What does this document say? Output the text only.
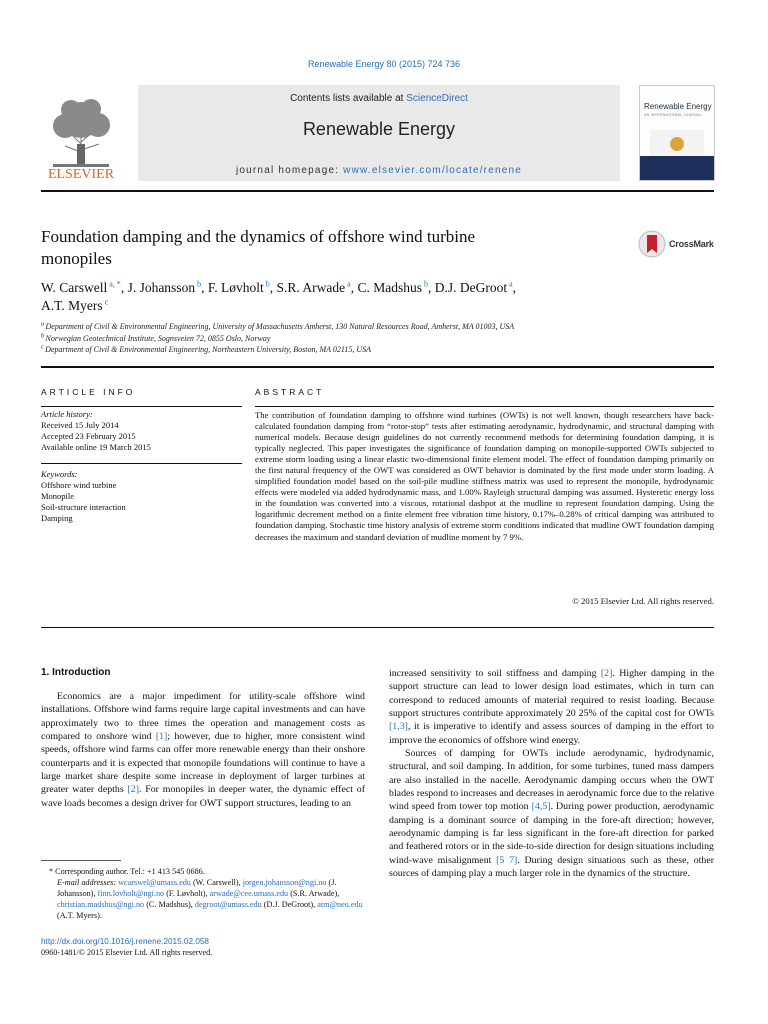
Renewable Energy 80 (2015) 724 736
ELSEVIER
Contents lists available at ScienceDirect
Renewable Energy
journal homepage: www.elsevier.com/locate/renene
Renewable Energy
AN INTERNATIONAL JOURNAL
Foundation damping and the dynamics of offshore wind turbine
monopiles
CrossMark
W. Carswell $^{a, *}$, J. Johansson $^b$, F. Løvholt $^b$, S.R. Arwade $^a$, C. Madshus $^b$, D.J. DeGroot $^a$,
A.T. Myers $^c$
$^a$ Department of Civil & Environmental Engineering, University of Massachusetts Amherst, 130 Natural Resources Road, Amherst, MA 01003, USA
$^b$ Norwegian Geotechnical Institute, Sognsveien 72, 0855 Oslo, Norway
$^c$ Department of Civil & Environmental Engineering, Northeastern University, Boston, MA 02115, USA
ARTICLE INFO	ABSTRACT
Article history:
Received 15 July 2014
Accepted 23 February 2015
Available online 19 March 2015
Keywords:
Offshore wind turbine
Monopile
Soil-structure interaction
Damping
The contribution of foundation damping to offshore wind turbines (OWTs) is not well known, though researchers have back-calculated foundation damping from “rotor-stop” tests after estimating aerodynamic, hydrodynamic, and structural damping with numerical models. Because design guidelines do not currently recommend methods for determining foundation damping, it is typically neglected. This paper investigates the significance of foundation damping on monopile-supported OWTs subjected to extreme storm loading using a linear elastic two-dimensional finite element model. The effect of foundation damping primarily on the first natural frequency of the OWT was considered as OWT behavior is dominated by the first mode under storm loading. A simplified foundation model based on the soil-pile mudline stiffness matrix was used to represent the monopile, hydrodynamic effects were modeled via added hydrodynamic mass, and 1.00% Rayleigh structural damping was assumed. Hysteretic energy loss in the foundation was converted into a viscous, rotational dashpot at the mudline to represent foundation damping. Using the logarithmic decrement method on a finite element free vibration time history, 0.17%–0.28% of critical damping was attributed to foundation damping. Stochastic time history analysis of extreme storm conditions indicated that mudline OWT foundation damping decreases the maximum and standard deviation of mudline moment by 7 9%.
© 2015 Elsevier Ltd. All rights reserved.
1. Introduction

Economics are a major impediment for utility-scale offshore wind installations. Offshore wind farms require large capital investments and can have approximately two to three times the operation and management costs as compared to onshore wind [1]; however, due to higher, more consistent wind speeds, offshore wind farms can offer more renewable energy than their onshore counterparts and it is expected that monopile foundations will continue to have a large market share despite some increase in deployment of larger turbines at greater water depths [2]. For monopiles in deeper water, the dynamic effect of wave loads becomes a design driver for OWT support structures, leading to an

increased sensitivity to soil stiffness and damping [2]. Higher damping in the support structure can lead to lower design load estimates, which in turn can correspond to reduced amounts of material required to resist loading. Because support structures contribute approximately 20 25% of the capital cost for OWTs [1,3], it is imperative to identify and assess sources of damping in the effort to improve the economics of offshore wind energy.

Sources of damping for OWTs include aerodynamic, hydrodynamic, structural, and soil damping. In addition, for some turbines, tuned mass dampers are also installed in the nacelle. Aerodynamic damping occurs when the OWT blades respond to increases and decreases in aerodynamic force due to the relative wind speed from tower top motion [4,5]. During power production, aerodynamic damping is a dominant source of damping in the fore-aft direction; however, aerodynamic damping is far less significant in the fore-aft direction for parked and feathered rotors or in the side-to-side direction for design situations including wind-wave misalignment [5 7]. During design situations such as these, other sources of damping play a much larger role in the dynamics of the structure.

* Corresponding author. Tel.: +1 413 545 0686.
E-mail addresses: wcarswel@umass.edu (W. Carswell), jorgen.johansson@ngi.no (J. Johansson), finn.lovholt@ngi.no (F. Løvholt), arwade@cee.umass.edu (S.R. Arwade), christian.madshus@ngi.no (C. Madshus), degroot@umass.edu (D.J. DeGroot), atm@neu.edu (A.T. Myers).
http://dx.doi.org/10.1016/j.renene.2015.02.058
0960-1481/© 2015 Elsevier Ltd. All rights reserved.
